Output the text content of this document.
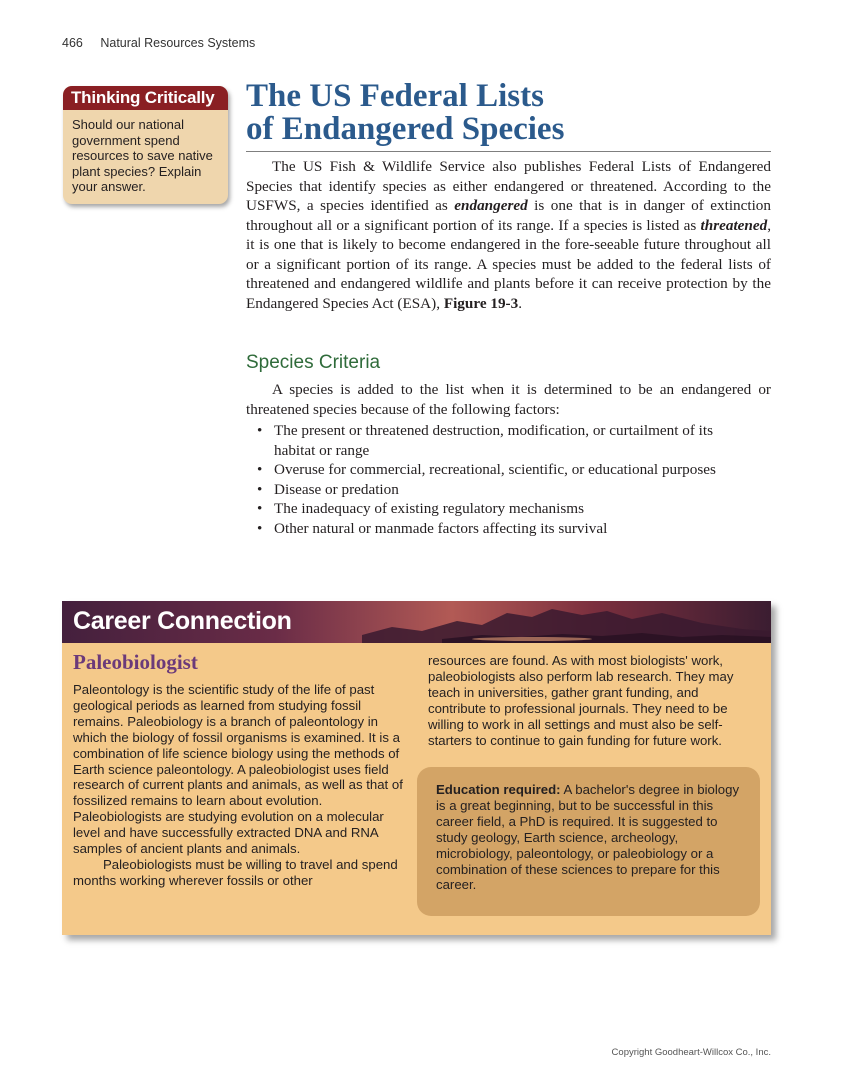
466 Natural Resources Systems
Thinking Critically
Should our national government spend resources to save native plant species? Explain your answer.
The US Federal Lists
of Endangered Species

The US Fish & Wildlife Service also publishes Federal Lists of Endangered Species that identify species as either endangered or threatened. According to the USFWS, a species identified as endangered is one that is in danger of extinction throughout all or a significant portion of its range. If a species is listed as threatened, it is one that is likely to become endangered in the fore-seeable future throughout all or a significant portion of its range. A species must be added to the federal lists of threatened and endangered wildlife and plants before it can receive protection by the Endangered Species Act (ESA), Figure 19-3.

Species Criteria

A species is added to the list when it is determined to be an endangered or threatened species because of the following factors:

• The present or threatened destruction, modification, or curtailment of its habitat or range
• Overuse for commercial, recreational, scientific, or educational purposes
• Disease or predation
• The inadequacy of existing regulatory mechanisms
• Other natural or manmade factors affecting its survival
Career Connection
Paleobiologist

Paleontology is the scientific study of the life of past geological periods as learned from studying fossil remains. Paleobiology is a branch of paleontology in which the biology of fossil organisms is examined. It is a combination of life science biology using the methods of Earth science paleontology. A paleobiologist uses field research of current plants and animals, as well as that of fossilized remains to learn about evolution. Paleobiologists are studying evolution on a molecular level and have successfully extracted DNA and RNA samples of ancient plants and animals.

Paleobiologists must be willing to travel and spend months working wherever fossils or other

resources are found. As with most biologists' work, paleobiologists also perform lab research. They may teach in universities, gather grant funding, and contribute to professional journals. They need to be willing to work in all settings and must also be self-starters to continue to gain funding for future work.

Education required: A bachelor's degree in biology is a great beginning, but to be successful in this career field, a PhD is required. It is suggested to study geology, Earth science, archeology, microbiology, paleontology, or paleobiology or a combination of these sciences to prepare for this career.

Copyright Goodheart-Willcox Co., Inc.
